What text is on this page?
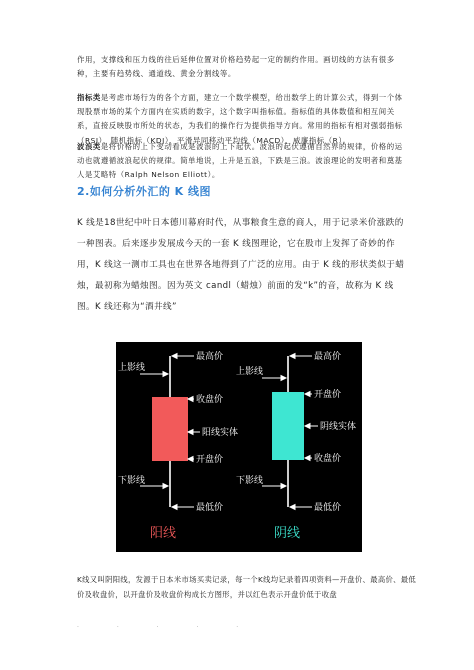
作用，支撑线和压力线的往后延伸位置对价格趋势起一定的制约作用。画切线的方法有很多种，主要有趋势线、通道线、黄金分割线等。

指标类是考虑市场行为的各个方面，建立一个数学模型，给出数学上的计算公式，得到一个体现股票市场的某个方面内在实质的数字，这个数字叫指标值。指标值的具体数值和相互间关系，直接反映股市所处的状态，为我们的操作行为提供指导方向。常用的指标有相对强弱指标（RSI）、随机指标（KDJ）、平滑异同移动平均线（MACD）、威廉指标（R）。

波浪类是将价格的上下变动看成是波浪的上下起伏。波浪的起伏遵循自然界的规律，价格的运动也就遵循波浪起伏的规律。简单地说，上升是五浪，下跌是三浪。波浪理论的发明者和奠基人是艾略特（Ralph Nelson Elliott）。

2.如何分析外汇的 K 线图

K 线是18世纪中叶日本德川幕府时代，从事粮食生意的商人，用于记录米价涨跌的一种图表。后来逐步发展成今天的一套 K 线图理论，它在股市上发挥了奇妙的作用，K 线这一测市工具也在世界各地得到了广泛的应用。由于 K 线的形状类似于蜡烛，最初称为蜡烛图。因为英文 candl（蜡烛）前面的发“k”的音，故称为 K 线图。K 线还称为“酒井线”

最高价
收盘价
阳线实体
开盘价
最低价
上影线
下影线
阳线
最高价
开盘价
阴线实体
收盘价
最低价
上影线
下影线
阴线

K线又叫阴阳线，发源于日本米市场买卖记录，每一个K线均记录着四项资料—开盘价、最高价、最低价及收盘价，以开盘价及收盘价构成长方图形，并以红色表示开盘价低于收盘

· · · · ·
